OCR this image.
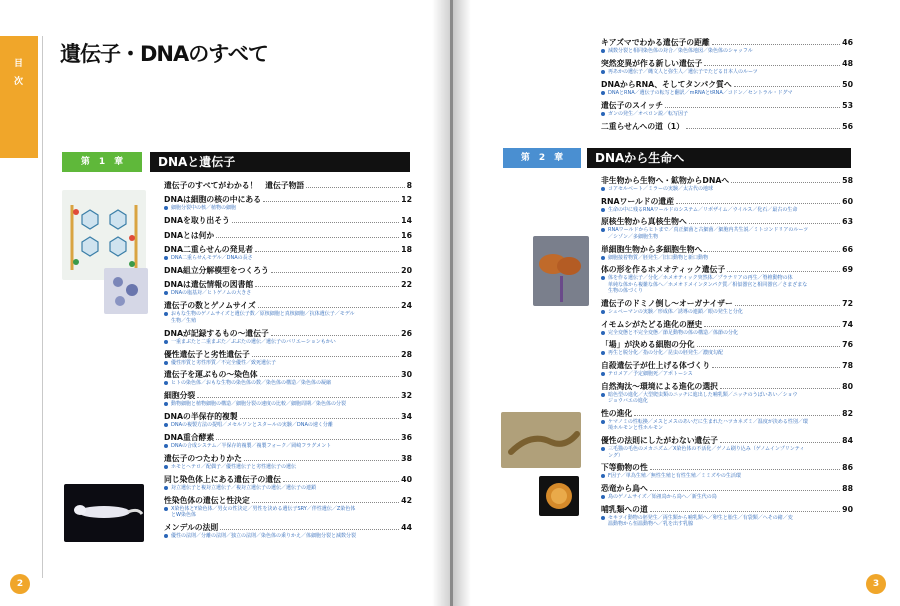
目
次
遺伝子・DNAのすべて
第　1　章	DNAと遺伝子
遺伝子のすべてがわかる！　遺伝子物語	8
DNAは細胞の核の中にある	12
細胞分裂中の核／植物の細胞
DNAを取り出そう	14
DNAとは何か	16
DNA二重らせんの発見者	18
DNA二重らせんモデル／DNAの長さ
DNA組立分解模型をつくろう	20
DNAは遺伝情報の図書館	22
DNAの塩基対／ヒトゲノムの大きさ
遺伝子の数とゲノムサイズ	24
おもな生物のゲノムサイズと遺伝子数／原核細胞と真核細胞／抗体遺伝子／モデル
生物／生殖
DNAが記録するもの〜遺伝子	26
一重まぶたと二重まぶた／ぶぶたの遺伝／遺伝子のバリエーションもかい
優性遺伝子と劣性遺伝子	28
優性形質と劣性形質／不完全優性／致死遺伝子
遺伝子を運ぶもの〜染色体	30
ヒトの染色体／おもな生物の染色体の数／染色体の構造／染色体の凝縮
細胞分裂	32
動物細胞と植物細胞の構造／細胞分裂の速度の比較／細胞周期／染色体の分裂
DNAの半保存的複製	34
DNAの複製方法の提唱／メセルソンとスタールの実験／DNAの速く分離
DNA重合酵素	36
DNAの合成システム／半保存的複製／複製フォーク／岡崎フラグメント
遺伝子のつたわりかた	38
ホモとヘテロ／配偶子／優性遺伝子と劣性遺伝子の遺伝
同じ染色体上にある遺伝子の遺伝	40
対立遺伝子と複対立遺伝子／複対立遺伝子の遺伝／遺伝子の連鎖
性染色体の遺伝と性決定	42
X染色体とY染色体／男女の性決定／男性を決める遺伝子SRY／伴性遺伝／Z染色体
とW染色体
メンデルの法則	44
優性の法則／分離の法則／独立の法則／染色体の乗りかえ／体細胞分裂と減数分裂
2
キアズマでわかる遺伝子の距離	46
減数分裂と相同染色体の対合／染色体地図／染色体のシャッフル
突然変異が作る新しい遺伝子	48
再あかの遺伝子／縄文人と弥生人／遺伝子でたどる日本人のルーツ
DNAからRNA、そしてタンパク質へ	50
DNAとRNA／遺伝子の転写と翻訳／mRNAとtRNA／コドン／セントラル・ドグマ
遺伝子のスイッチ	53
ガンの発生／オペロン説／転写因子
二重らせんへの道（1）	56
第　2　章	DNAから生命へ
非生物から生物へ・鉱物からDNAへ	58
コアセルベート／ミラーの実験／太古代の地球
RNAワールドの遺産	60
生命の中に残るRNAワールドのシステム／リボザイム／ウイルス／化石／最古の生命
原核生物から真核生物へ	63
RNAワールドからヒトまで／真正細菌と古細菌／細胞内共生説／ミトコンドリアのルーツ
／シゾン／多細胞生物
単細胞生物から多細胞生物へ	66
細胞接着物質／胚発生／旧口動物と新口動物
体の形を作るホメオティック遺伝子	69
体を作る遺伝子／分化／ホメオティック突然体／プラナリアの再生／脊椎動物の体
单純な体から複雑な体へ／ホメオドメインタンパク質／相似器官と相同器官／さまざまな
生物の体づくり
遺伝子のドミノ倒し〜オーガナイザー	72
シュペーマンの実験／形成体／誘導の連鎖／眼の発生と分化
イモムシがたどる進化の歴史	74
完全変態と不完全変態／節足動物の体の構造／体節の分化
「場」が決める細胞の分化	76
再生と脱分化／指の分化／昆虫の胚発生／濃度勾配
自殺遺伝子が仕上げる体づくり	78
テロメア／予定細胞死／アポトーシス
自然淘汰〜環境による進化の選択	80
暗色型の進化／大型爬虫類のニッチに進出した哺乳類／ニッチのうばいあい／ショウ
ジョウバエの進化
性の進化	82
ケマノミの性転換／メスとメスのあいだに生まれたハツカネズミ／温度が決める性別／環
境ホルモンと性ホルモン
優性の法則にしたがわない遺伝子	84
三毛猫の毛色のメカニズム／X染色体の不活化／ゲノム刷り込み（ゲノムインプリンティ
ング）
下等動物の性	86
F因子／単為生殖／無性生殖と有性生殖／ミミズやの生活環
恐竜から鳥へ	88
鳥のゲノムサイズ／始祖鳥から鳥へ／新生代の鳥
哺乳類への道	90
セキツイ動物の胚発生／両生類から哺乳類へ／卵生と胎生／有袋類／へその緒／変
温動物から恒温動物へ／乳を出す乳腺
3
